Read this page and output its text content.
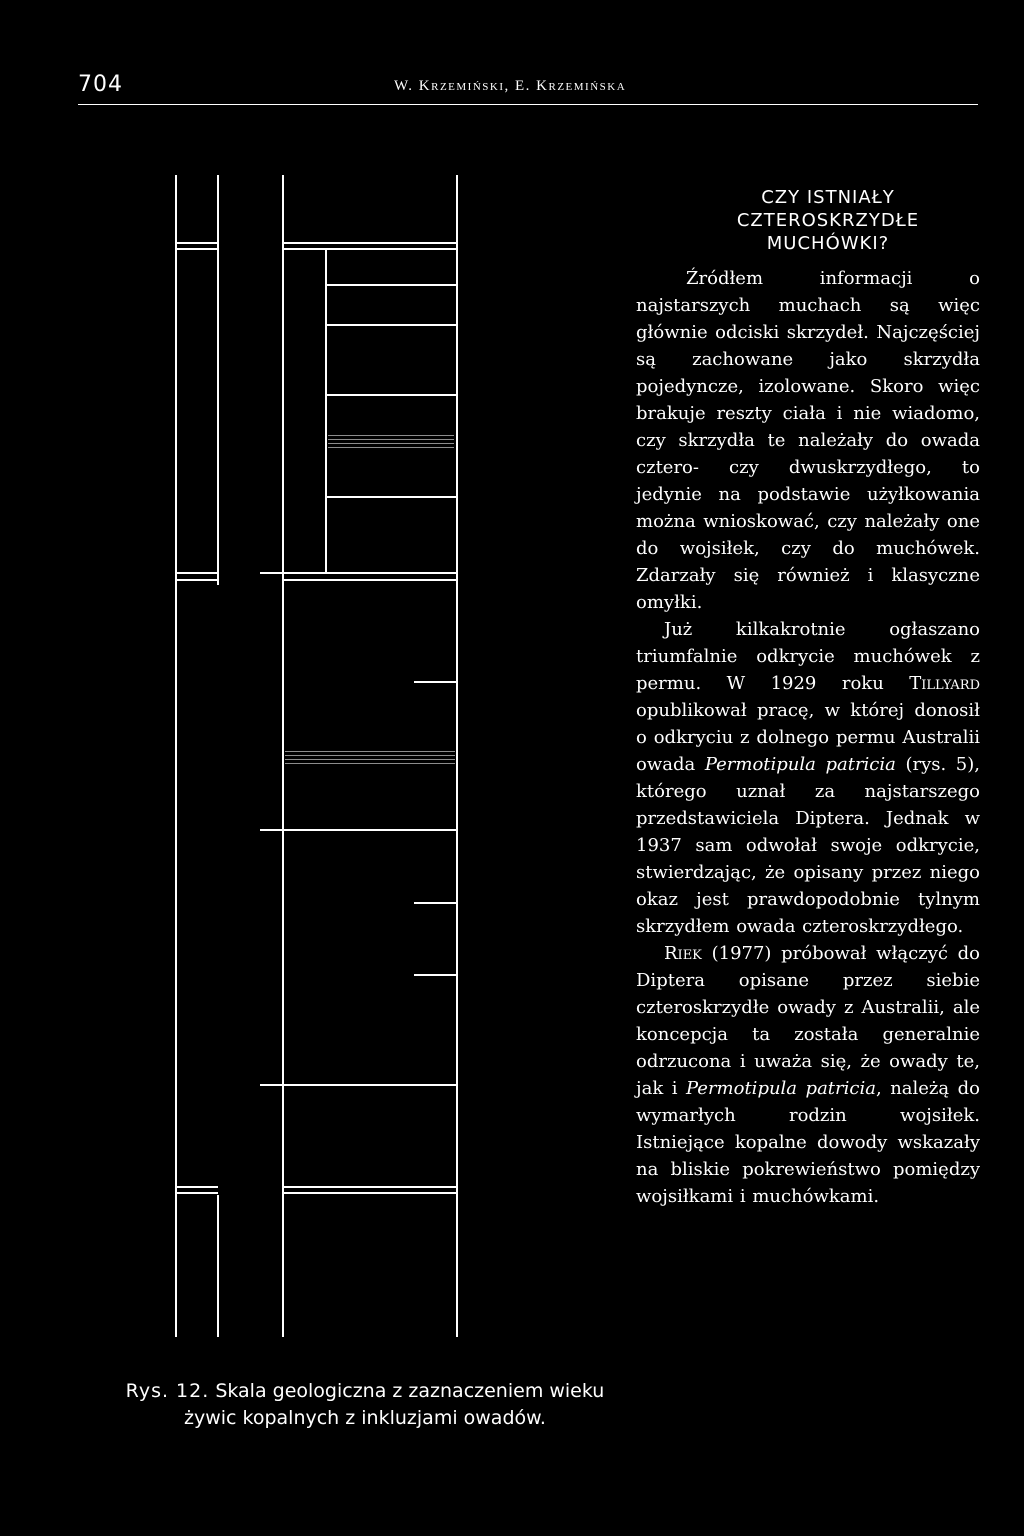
704	W. Krzemiński, E. Krzemińska
Rys. 12. Skala geologiczna z zaznaczeniem wieku żywic kopalnych z inkluzjami owadów.
CZY ISTNIAŁY CZTEROSKRZYDŁE MUCHÓWKI?

Źródłem informacji o najstarszych muchach są więc głównie odciski skrzydeł. Najczęściej są zachowane jako skrzydła pojedyncze, izolowane. Skoro więc brakuje reszty ciała i nie wiadomo, czy skrzydła te należały do owada cztero- czy dwuskrzydłego, to jedynie na podstawie użyłkowania można wnioskować, czy należały one do wojsiłek, czy do muchówek. Zdarzały się również i klasyczne omyłki.

Już kilkakrotnie ogłaszano triumfalnie odkrycie muchówek z permu. W 1929 roku Tillyard opublikował pracę, w której donosił o odkryciu z dolnego permu Australii owada Permotipula patricia (rys. 5), którego uznał za najstarszego przedstawiciela Diptera. Jednak w 1937 sam odwołał swoje odkrycie, stwierdzając, że opisany przez niego okaz jest prawdopodobnie tylnym skrzydłem owada czteroskrzydłego.

Riek (1977) próbował włączyć do Diptera opisane przez siebie czteroskrzydłe owady z Australii, ale koncepcja ta została generalnie odrzucona i uważa się, że owady te, jak i Permotipula patricia, należą do wymarłych rodzin wojsiłek. Istniejące kopalne dowody wskazały na bliskie pokrewieństwo pomiędzy wojsiłkami i muchówkami.
